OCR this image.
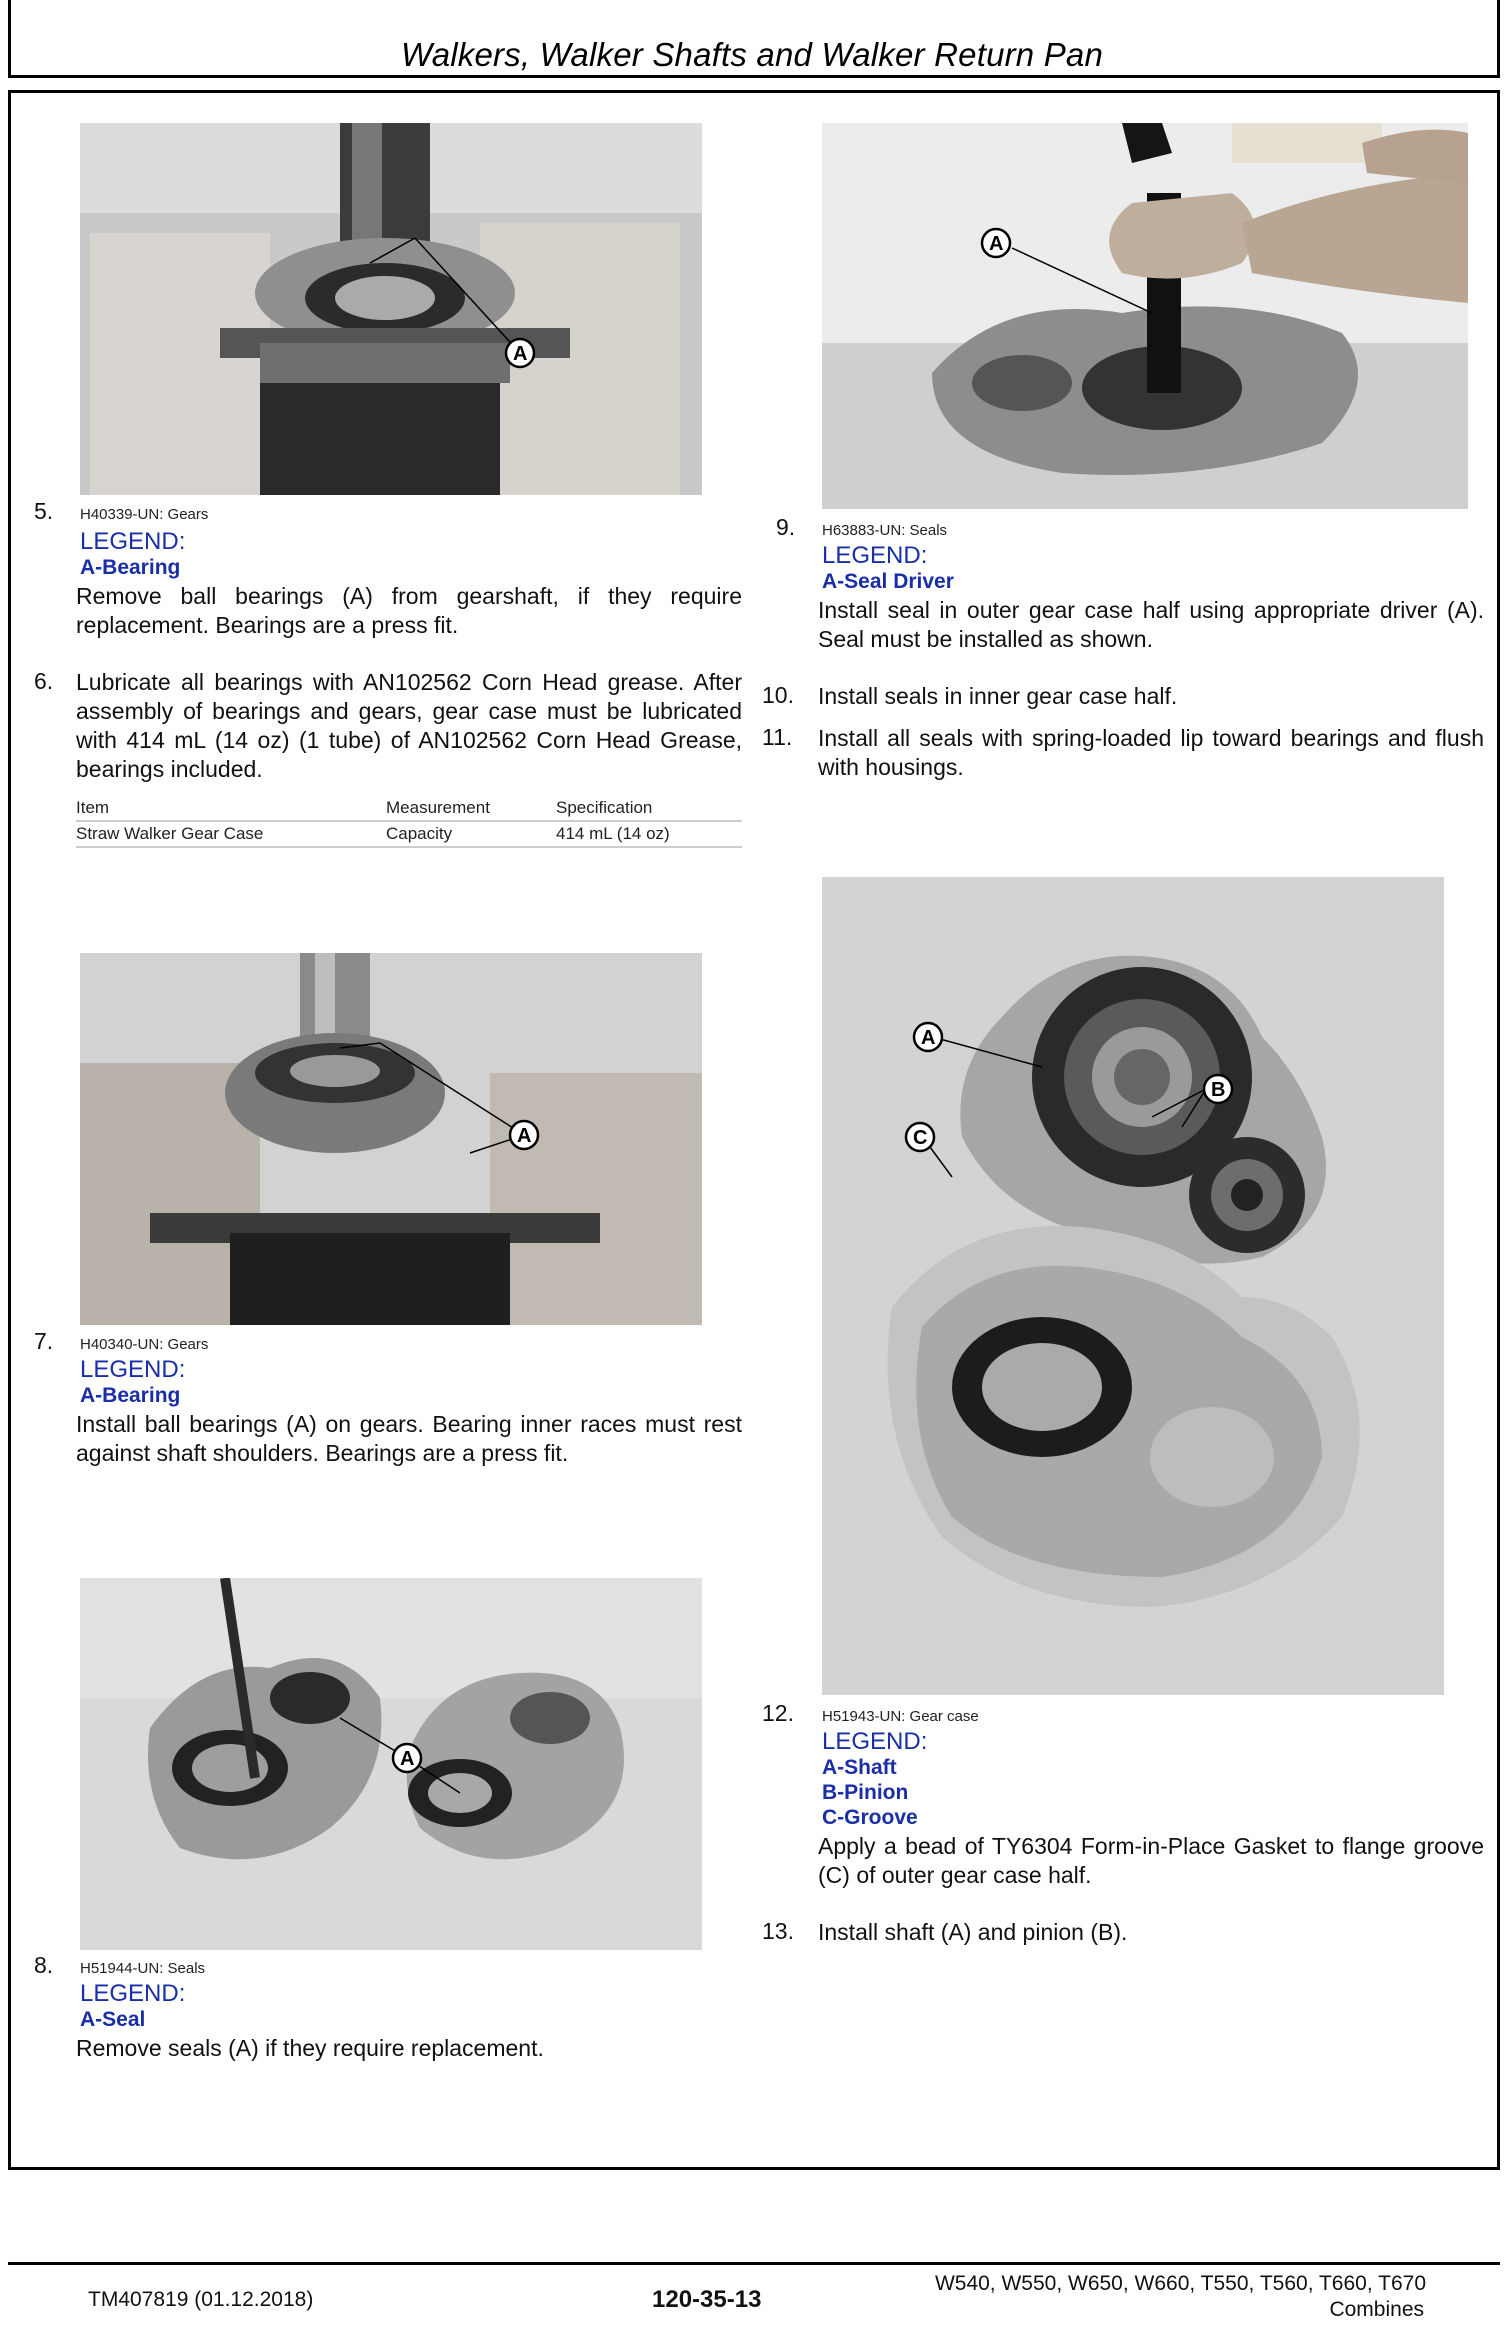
Walkers, Walker Shafts and Walker Return Pan
A
5. H40339-UN: Gears
LEGEND:
A-Bearing
Remove ball bearings (A) from gearshaft, if they require replacement. Bearings are a press fit.
6. Lubricate all bearings with AN102562 Corn Head grease. After assembly of bearings and gears, gear case must be lubricated with 414 mL (14 oz) (1 tube) of AN102562 Corn Head Grease, bearings included.
Item	Measurement	Specification
Straw Walker Gear Case	Capacity	414 mL (14 oz)
A
7. H40340-UN: Gears
LEGEND:
A-Bearing
Install ball bearings (A) on gears. Bearing inner races must rest against shaft shoulders. Bearings are a press fit.
A
8. H51944-UN: Seals
LEGEND:
A-Seal
Remove seals (A) if they require replacement.
A
9. H63883-UN: Seals
LEGEND:
A-Seal Driver
Install seal in outer gear case half using appropriate driver (A). Seal must be installed as shown.
10. Install seals in inner gear case half.
11. Install all seals with spring-loaded lip toward bearings and flush with housings.
A
B
C
12. H51943-UN: Gear case
LEGEND:
A-Shaft
B-Pinion
C-Groove
Apply a bead of TY6304 Form-in-Place Gasket to flange groove (C) of outer gear case half.
13. Install shaft (A) and pinion (B).
TM407819 (01.12.2018)	120-35-13
W540, W550, W650, W660, T550, T560, T660, T670
Combines
